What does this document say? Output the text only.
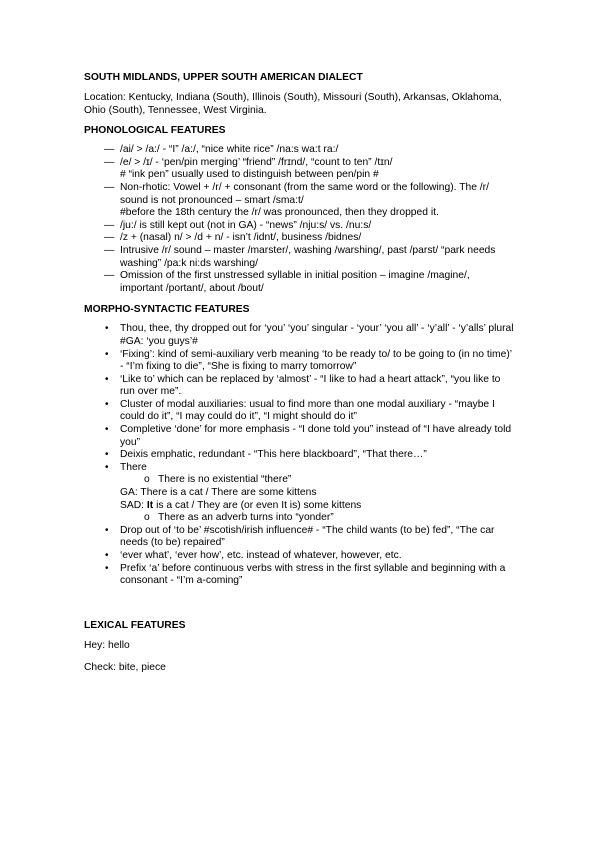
SOUTH MIDLANDS, UPPER SOUTH AMERICAN DIALECT

Location: Kentucky, Indiana (South), Illinois (South), Missouri (South), Arkansas, Oklahoma, Ohio (South), Tennessee, West Virginia.

PHONOLOGICAL FEATURES
— /ai/ > /a:/ - “I” /a:/, “nice white rice” /na:s wa:t ra:/
— /e/ > /ɪ/ - ‘pen/pin merging’ “friend” /frɪnd/, “count to ten” /tɪn/
# “ink pen” usually used to distinguish between pen/pin #
— Non-rhotic: Vowel + /r/ + consonant (from the same word or the following). The /r/ sound is not pronounced – smart /sma:t/
#before the 18th century the /r/ was pronounced, then they dropped it.
— /ju:/ is still kept out (not in GA) - “news” /nju:s/ vs. /nu:s/
— /z + (nasal) n/ > /d + n/ - isn’t /idnt/, business /bidnes/
— Intrusive /r/ sound – master /marster/, washing /warshing/, past /parst/ “park needs washing” /pa:k ni:ds warshing/
— Omission of the first unstressed syllable in initial position – imagine /magine/, important /portant/, about /bout/
MORPHO-SYNTACTIC FEATURES
• Thou, thee, thy dropped out for ‘you’ ‘you’ singular - ‘your’ ‘you all’ - ‘y’all’ - ‘y’alls’ plural #GA: ‘you guys’#
• ‘Fixing’: kind of semi-auxiliary verb meaning ‘to be ready to/ to be going to (in no time)’ - “I’m fixing to die”, “She is fixing to marry tomorrow”
• ‘Like to’ which can be replaced by ‘almost’ - “I like to had a heart attack”, “you like to run over me”.
• Cluster of modal auxiliaries: usual to find more than one modal auxiliary - “maybe I could do it”, “I may could do it”, “I might should do it”
• Completive ‘done’ for more emphasis - “I done told you” instead of “I have already told you”
• Deixis emphatic, redundant - “This here blackboard”, “That there…”
• There
o There is no existential “there”
GA: There is a cat / There are some kittens
SAD: It is a cat / They are (or even It is) some kittens
o There as an adverb turns into “yonder”
• Drop out of ‘to be’ #scotish/irish influence# - “The child wants (to be) fed”, “The car needs (to be) repaired”
• ‘ever what’, ‘ever how’, etc. instead of whatever, however, etc.
• Prefix ‘a’ before continuous verbs with stress in the first syllable and beginning with a consonant - “I’m a-coming”
LEXICAL FEATURES

Hey: hello

Check: bite, piece
